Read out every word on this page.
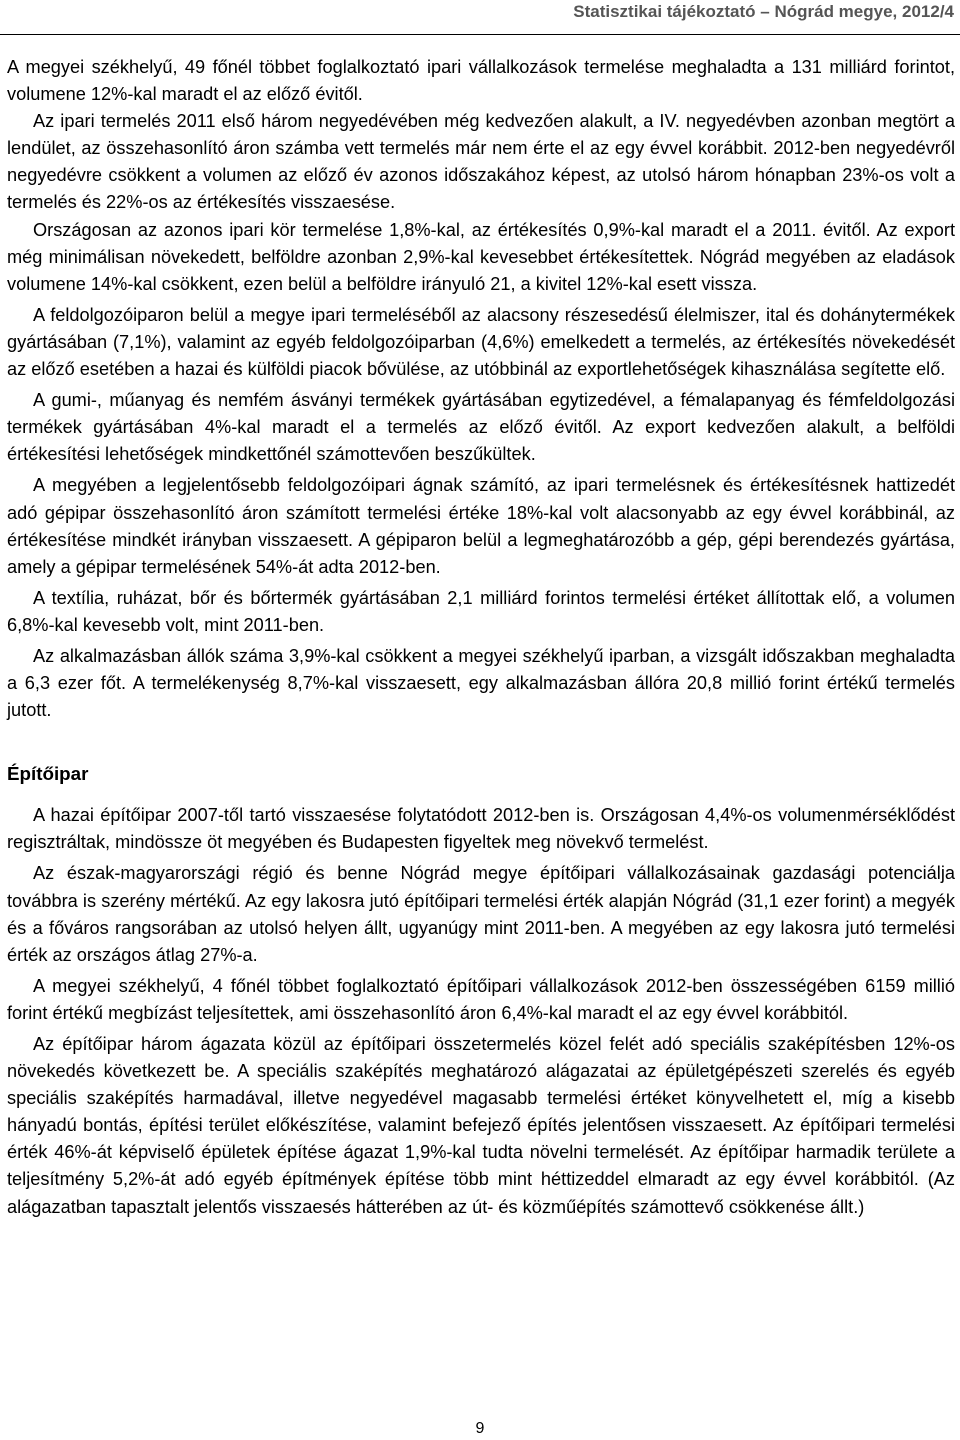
Statisztikai tájékoztató – Nógrád megye, 2012/4

A megyei székhelyű, 49 főnél többet foglalkoztató ipari vállalkozások termelése meghaladta a 131 milliárd forintot, volumene 12%-kal maradt el az előző évitől.

Az ipari termelés 2011 első három negyedévében még kedvezően alakult, a IV. negyedévben azonban megtört a lendület, az összehasonlító áron számba vett termelés már nem érte el az egy évvel korábbit. 2012-ben negyedévről negyedévre csökkent a volumen az előző év azonos időszakához képest, az utolsó három hónapban 23%-os volt a termelés és 22%-os az értékesítés visszaesése.

Országosan az azonos ipari kör termelése 1,8%-kal, az értékesítés 0,9%-kal maradt el a 2011. évitől. Az export még minimálisan növekedett, belföldre azonban 2,9%-kal kevesebbet értékesítettek. Nógrád megyében az eladások volumene 14%-kal csökkent, ezen belül a belföldre irányuló 21, a kivitel 12%-kal esett vissza.

A feldolgozóiparon belül a megye ipari termeléséből az alacsony részesedésű élelmiszer, ital és dohánytermékek gyártásában (7,1%), valamint az egyéb feldolgozóiparban (4,6%) emelkedett a termelés, az értékesítés növekedését az előző esetében a hazai és külföldi piacok bővülése, az utóbbinál az exportlehetőségek kihasználása segítette elő.

A gumi-, műanyag és nemfém ásványi termékek gyártásában egytizedével, a fémalapanyag és fémfeldolgozási termékek gyártásában 4%-kal maradt el a termelés az előző évitől. Az export kedvezően alakult, a belföldi értékesítési lehetőségek mindkettőnél számottevően beszűkültek.

A megyében a legjelentősebb feldolgozóipari ágnak számító, az ipari termelésnek és értékesítésnek hattizedét adó gépipar összehasonlító áron számított termelési értéke 18%-kal volt alacsonyabb az egy évvel korábbinál, az értékesítése mindkét irányban visszaesett. A gépiparon belül a legmeghatározóbb a gép, gépi berendezés gyártása, amely a gépipar termelésének 54%-át adta 2012-ben.

A textília, ruházat, bőr és bőrtermék gyártásában 2,1 milliárd forintos termelési értéket állítottak elő, a volumen 6,8%-kal kevesebb volt, mint 2011-ben.

Az alkalmazásban állók száma 3,9%-kal csökkent a megyei székhelyű iparban, a vizsgált időszakban meghaladta a 6,3 ezer főt. A termelékenység 8,7%-kal visszaesett, egy alkalmazásban állóra 20,8 millió forint értékű termelés jutott.

Építőipar

A hazai építőipar 2007-től tartó visszaesése folytatódott 2012-ben is. Országosan 4,4%-os volumenmérséklődést regisztráltak, mindössze öt megyében és Budapesten figyeltek meg növekvő termelést.

Az észak-magyarországi régió és benne Nógrád megye építőipari vállalkozásainak gazdasági potenciálja továbbra is szerény mértékű. Az egy lakosra jutó építőipari termelési érték alapján Nógrád (31,1 ezer forint) a megyék és a főváros rangsorában az utolsó helyen állt, ugyanúgy mint 2011-ben. A megyében az egy lakosra jutó termelési érték az országos átlag 27%-a.

A megyei székhelyű, 4 főnél többet foglalkoztató építőipari vállalkozások 2012-ben összességében 6159 millió forint értékű megbízást teljesítettek, ami összehasonlító áron 6,4%-kal maradt el az egy évvel korábbitól.

Az építőipar három ágazata közül az építőipari összetermelés közel felét adó speciális szaképítésben 12%-os növekedés következett be. A speciális szaképítés meghatározó alágazatai az épületgépészeti szerelés és egyéb speciális szaképítés harmadával, illetve negyedével magasabb termelési értéket könyvelhetett el, míg a kisebb hányadú bontás, építési terület előkészítése, valamint befejező építés jelentősen visszaesett. Az építőipari termelési érték 46%-át képviselő épületek építése ágazat 1,9%-kal tudta növelni termelését. Az építőipar harmadik területe a teljesítmény 5,2%-át adó egyéb építmények építése több mint héttizeddel elmaradt az egy évvel korábbitól. (Az alágazatban tapasztalt jelentős visszaesés hátterében az út- és közműépítés számottevő csökkenése állt.)

9
